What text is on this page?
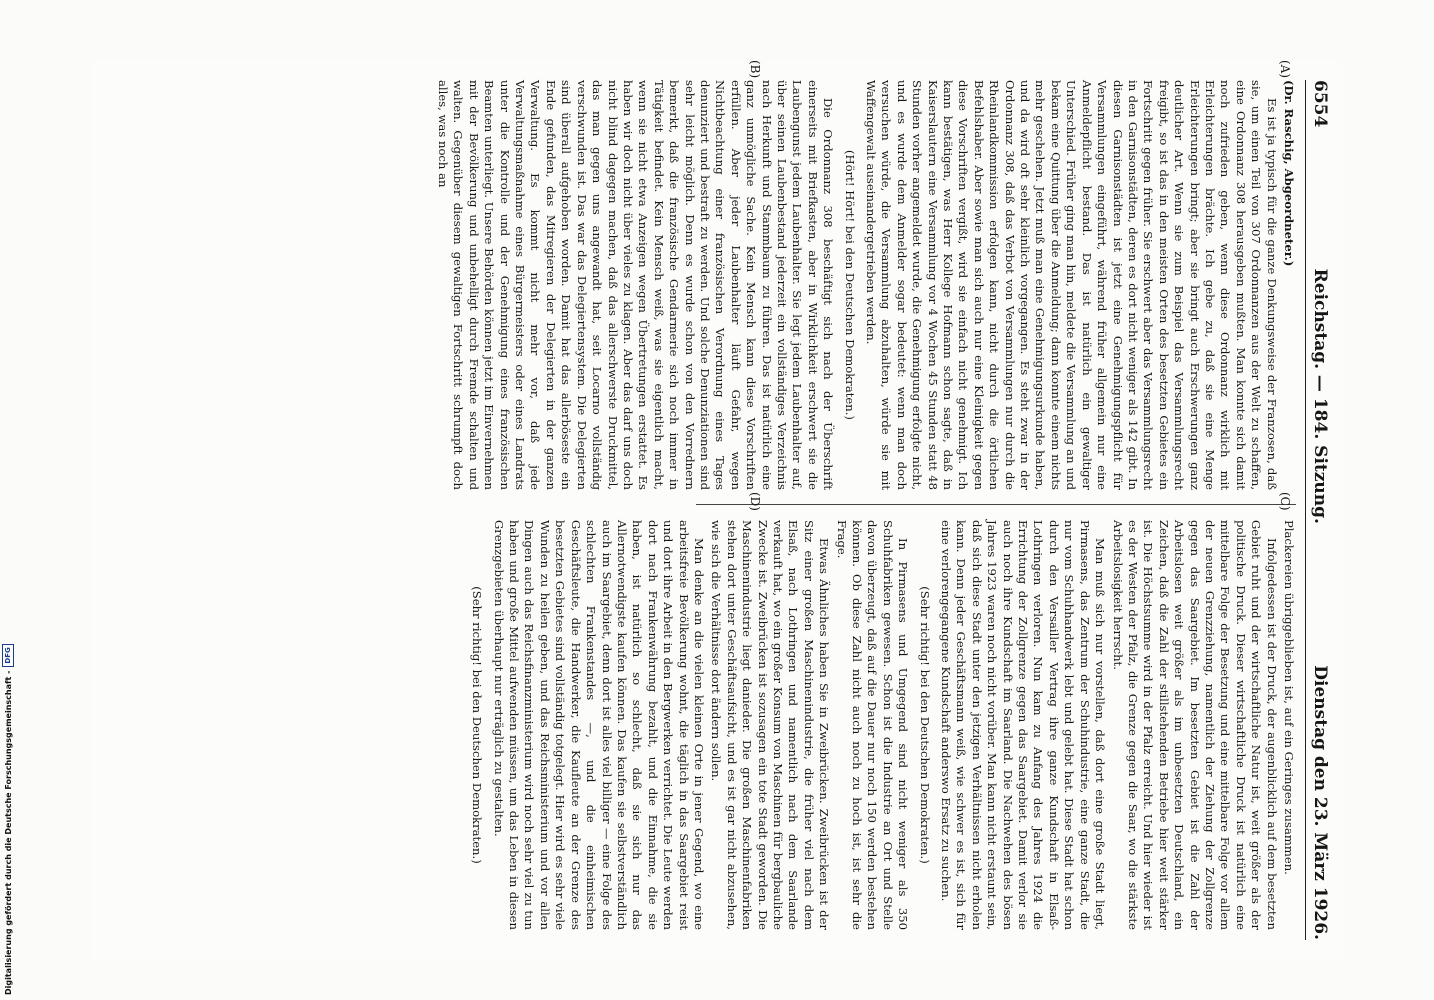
6554
Reichstag. — 184. Sitzung.
Dienstag den 23. März 1926.

(Dr. Raschig, Abgeordneter.)

Es ist ja typisch für die ganze Denkungsweise der Franzosen, daß sie, um einen Teil von 307 Ordonnanzen aus der Welt zu schaffen, eine Ordonnanz 308 herausgeben mußten. Man konnte sich damit noch zufrieden geben, wenn diese Ordonnanz wirklich mit Erleichterungen brächte. Ich gebe zu, daß sie eine Menge Erleichterungen bringt; aber sie bringt auch Erschwerungen ganz deutlicher Art. Wenn sie zum Beispiel das Versammlungsrecht freigibt, so ist das in den meisten Orten des besetzten Gebietes ein Fortschritt gegen früher. Sie erschwert aber das Versammlungsrecht in den Garnisonstädten, deren es dort nicht weniger als 142 gibt. In diesen Garnisonstädten ist jetzt eine Genehmigungspflicht für Versammlungen eingeführt, während früher allgemein nur eine Anmeldepflicht bestand. Das ist natürlich ein gewaltiger Unterschied. Früher ging man hin, meldete die Versammlung an und bekam eine Quittung über die Anmeldung; dann konnte einem nichts mehr geschehen. Jetzt muß man eine Genehmigungsurkunde haben, und da wird oft sehr kleinlich vorgegangen. Es steht zwar in der Ordonnanz 308, daß das Verbot von Versammlungen nur durch die Rheinlandkommission erfolgen kann, nicht durch die örtlichen Befehlshaber. Aber sowie man sich auch nur eine Kleinigkeit gegen diese Vorschriften vergißt, wird sie einfach nicht genehmigt. Ich kann bestätigen, was Herr Kollege Hofmann schon sagte, daß in Kaiserslautern eine Versammlung vor 4 Wochen 45 Stunden statt 48 Stunden vorher angemeldet wurde, die Genehmigung erfolgte nicht, und es wurde dem Anmelder sogar bedeutet: wenn man doch versuchen würde, die Versammlung abzuhalten, würde sie mit Waffengewalt auseinandergetrieben werden.

(Hört! Hört! bei den Deutschen Demokraten.)

Die Ordonnanz 308 beschäftigt sich nach der Überschrift einerseits mit Briefkasten, aber in Wirklichkeit erschwert sie die Laubengunst jedem Laubenhalter. Sie legt jedem Laubenhalter auf, über seinen Laubenbestand jederzeit ein vollständiges Verzeichnis nach Herkunft und Stammbaum zu führen. Das ist natürlich eine ganz unmögliche Sache. Kein Mensch kann diese Vorschriften erfüllen. Aber jeder Laubenhalter läuft Gefahr, wegen Nichtbeachtung einer französischen Verordnung eines Tages denunziert und bestraft zu werden. Und solche Denunziationen sind sehr leicht möglich. Denn es wurde schon von den Vorrednern bemerkt, daß die französische Gendarmerie sich noch immer in Tätigkeit befindet. Kein Mensch weiß, was sie eigentlich macht, wenn sie nicht etwa Anzeigen wegen Übertretungen erstattet. Es haben wir doch nicht über vieles zu klagen. Aber das darf uns doch nicht blind dagegen machen, daß das allerschwerste Druckmittel, das man gegen uns angewandt hat, seit Locarno vollständig verschwunden ist. Das war das Delegiertensystem. Die Delegierten sind überall aufgehoben worden. Damit hat das allerböseste ein Ende gefunden, das Mitregieren der Delegierten in der ganzen Verwaltung. Es kommt nicht mehr vor, daß jede Verwaltungsmaßnahme eines Bürgermeisters oder eines Landrats unter die Kontrolle und der Genehmigung eines französischen Beamten unterliegt. Unsere Behörden können jetzt im Einvernehmen mit der Bevölkerung und unbehelligt durch Fremde schalten und walten. Gegenüber diesem gewaltigen Fortschritt schrumpft doch alles, was noch an

Plackereien übriggeblieben ist, auf ein Geringes zusammen.

Infolgedessen ist der Druck, der augenblicklich auf dem besetzten Gebiet ruht und der wirtschaftliche Natur ist, weit größer als der politische Druck. Dieser wirtschaftliche Druck ist natürlich eine mittelbare Folge der Besetzung und eine mittelbare Folge vor allem der neuen Grenzziehung, namentlich der Ziehung der Zollgrenze gegen das Saargebiet. Im besetzten Gebiet ist die Zahl der Arbeitslosen weit größer als im unbesetzten Deutschland, ein Zeichen, daß die Zahl der stillstehenden Betriebe hier weit stärker ist. Die Höchstsumme wird in der Pfalz erreicht. Und hier wieder ist es der Westen der Pfalz, die Grenze gegen die Saar, wo die stärkste Arbeitslosigkeit herrscht.

Man muß sich nur vorstellen, daß dort eine große Stadt liegt, Pirmasens, das Zentrum der Schuhindustrie, eine ganze Stadt, die nur vom Schuhhandwerk lebt und gelebt hat. Diese Stadt hat schon durch den Versailler Vertrag ihre ganze Kundschaft in Elsaß-Lothringen verloren. Nun kam zu Anfang des Jahres 1924 die Errichtung der Zollgrenze gegen das Saargebiet. Damit verlor sie auch noch ihre Kundschaft im Saarland. Die Nachwehen des bösen Jahres 1923 waren noch nicht vorüber. Man kann nicht erstaunt sein, daß sich diese Stadt unter den jetzigen Verhältnissen nicht erholen kann. Denn jeder Geschäftsmann weiß, wie schwer es ist, sich für eine verlorengegangene Kundschaft anderswo Ersatz zu suchen.

(Sehr richtig! bei den Deutschen Demokraten.)

In Pirmasens und Umgegend sind nicht weniger als 350 Schuhfabriken gewesen. Schon ist die Industrie an Ort und Stelle davon überzeugt, daß auf die Dauer nur noch 150 werden bestehen können. Ob diese Zahl nicht auch noch zu hoch ist, ist sehr die Frage.

Etwas Ähnliches haben Sie in Zweibrücken. Zweibrücken ist der Sitz einer großen Maschinenindustrie, die früher viel nach dem Elsaß, nach Lothringen und namentlich nach dem Saarlande verkauft hat, wo ein großer Konsum von Maschinen für bergbauliche Zwecke ist. Zweibrücken ist sozusagen ein tote Stadt geworden. Die Maschinenindustrie liegt danieder. Die großen Maschinenfabriken stehen dort unter Geschäftsaufsicht, und es ist gar nicht abzusehen, wie sich die Verhältnisse dort ändern sollen.

Man denke an die vielen kleinen Orte in jener Gegend, wo eine arbeitsfreie Bevölkerung wohnt, die täglich in das Saargebiet reist und dort ihre Arbeit in den Bergwerken verrichtet. Die Leute werden dort nach Frankenwährung bezahlt, und die Einnahme, die sie haben, ist natürlich so schlecht, daß sie sich nur das Allernotwendigste kaufen können. Das kaufen sie selbstverständlich auch im Saargebiet, denn dort ist alles viel billiger — eine Folge des schlechten Frankenstandes —, und die einheimischen Geschäftsleute, die Handwerker, die Kaufleute an der Grenze des besetzten Gebietes sind vollständig totgelegt. Hier wird es sehr viele Wunden zu heilen geben, und das Reichsministerium und vor allen Dingen auch das Reichsfinanzministerium wird noch sehr viel zu tun haben und große Mittel aufwenden müssen, um das Leben in diesen Grenzgebieten überhaupt nur erträglich zu gestalten.

(Sehr richtig! bei den Deutschen Demokraten.)

(A)
(B)
(C)
(D)
Digitalisierung gefördert durch die Deutsche Forschungsgemeinschaft -
DFG
